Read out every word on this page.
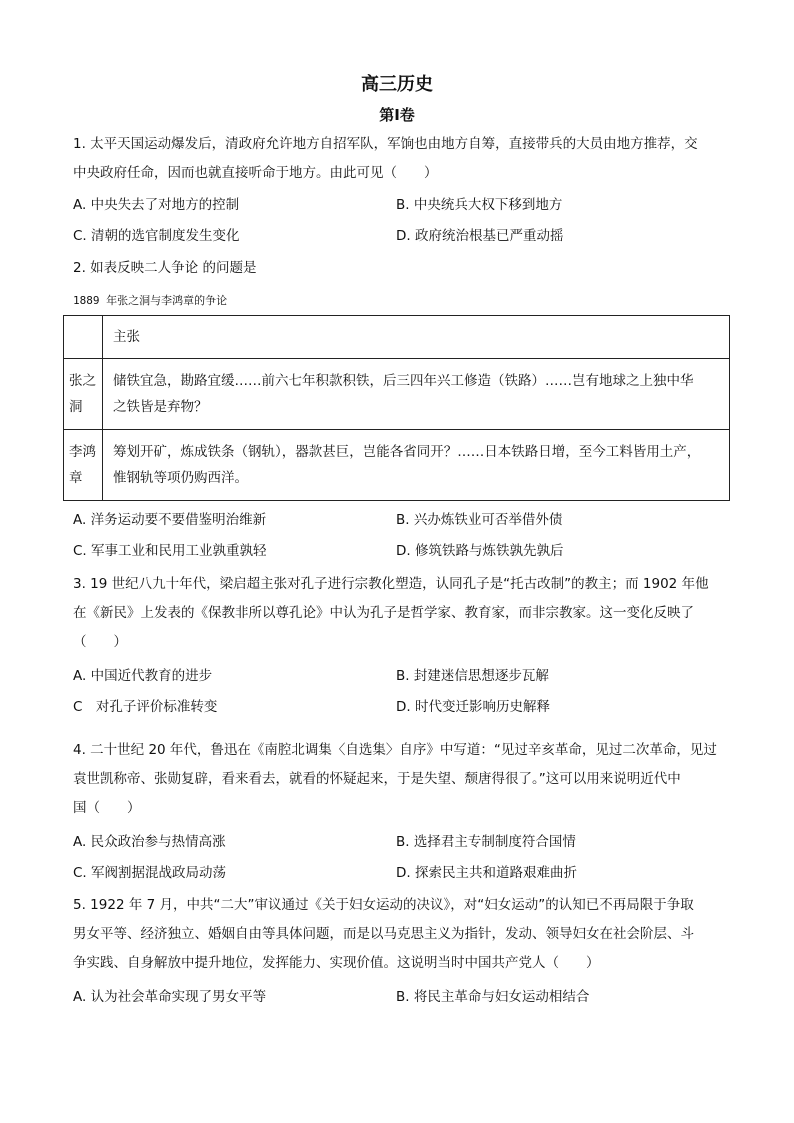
高三历史
第I卷
1. 太平天国运动爆发后，清政府允许地方自招军队，军饷也由地方自筹，直接带兵的大员由地方推荐，交
中央政府任命，因而也就直接听命于地方。由此可见（　　）
A. 中央失去了对地方的控制	B. 中央统兵大权下移到地方
C. 清朝的选官制度发生变化	D. 政府统治根基已严重动摇
2. 如表反映二人争论 的问题是
1889 年张之洞与李鸿章的争论
	主张
张之洞	储铁宜急，勘路宜缓……前六七年积款积铁，后三四年兴工修造（铁路）……岂有地球之上独中华
之铁皆是弃物？

李鸿章	筹划开矿，炼成铁条（钢轨），器款甚巨，岂能各省同开？……日本铁路日增，至今工料皆用土产，
惟钢轨等项仍购西洋。
A. 洋务运动要不要借鉴明治维新	B. 兴办炼铁业可否举借外债
C. 军事工业和民用工业孰重孰轻	D. 修筑铁路与炼铁孰先孰后
3. 19 世纪八九十年代，梁启超主张对孔子进行宗教化塑造，认同孔子是“托古改制”的教主；而 1902 年他
在《新民》上发表的《保教非所以尊孔论》中认为孔子是哲学家、教育家，而非宗教家。这一变化反映了
（　　）
A. 中国近代教育的进步	B. 封建迷信思想逐步瓦解
C　对孔子评价标准转变	D. 时代变迁影响历史解释
4. 二十世纪 20 年代，鲁迅在《南腔北调集〈自选集〉自序》中写道：“见过辛亥革命，见过二次革命，见过
袁世凯称帝、张勋复辟，看来看去，就看的怀疑起来，于是失望、颓唐得很了。”这可以用来说明近代中
国（　　）
A. 民众政治参与热情高涨	B. 选择君主专制制度符合国情
C. 军阀割据混战政局动荡	D. 探索民主共和道路艰难曲折
5. 1922 年 7 月，中共“二大”审议通过《关于妇女运动的决议》，对“妇女运动”的认知已不再局限于争取
男女平等、经济独立、婚姻自由等具体问题，而是以马克思主义为指针，发动、领导妇女在社会阶层、斗
争实践、自身解放中提升地位，发挥能力、实现价值。这说明当时中国共产党人（　　）
A. 认为社会革命实现了男女平等	B. 将民主革命与妇女运动相结合
